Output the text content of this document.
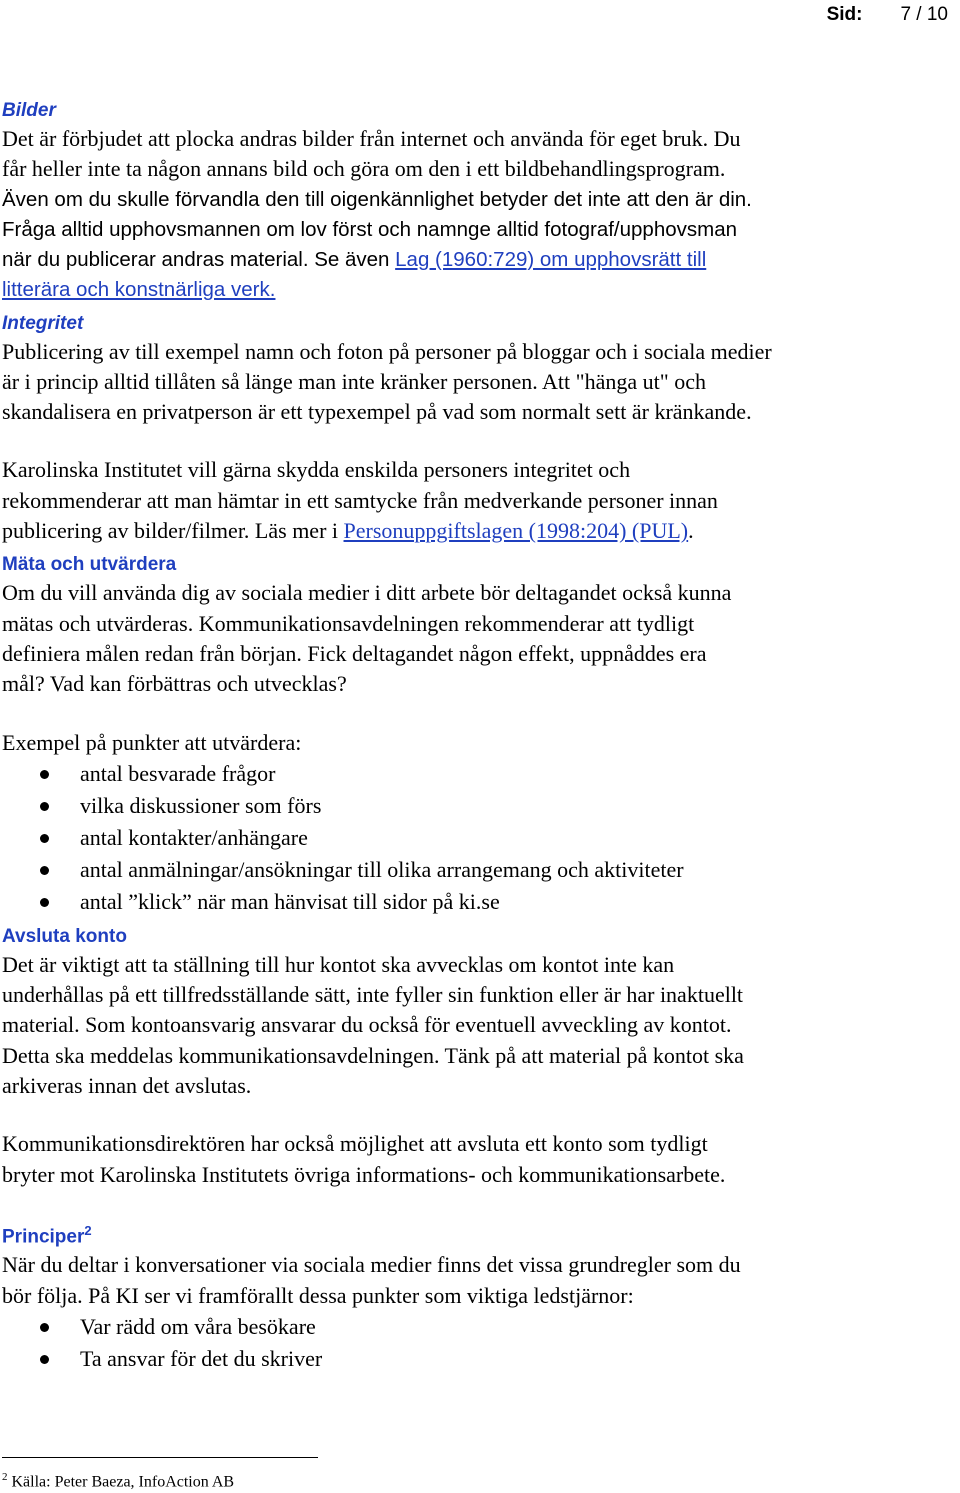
Sid: 7 / 10
Bilder

Det är förbjudet att plocka andras bilder från internet och använda för eget bruk. Du

får heller inte ta någon annans bild och göra om den i ett bildbehandlingsprogram.

Även om du skulle förvandla den till oigenkännlighet betyder det inte att den är din.

Fråga alltid upphovsmannen om lov först och namnge alltid fotograf/upphovsman

när du publicerar andras material. Se även Lag (1960:729) om upphovsrätt till

litterära och konstnärliga verk.

Integritet

Publicering av till exempel namn och foton på personer på bloggar och i sociala medier

är i princip alltid tillåten så länge man inte kränker personen. Att "hänga ut" och

skandalisera en privatperson är ett typexempel på vad som normalt sett är kränkande.

Karolinska Institutet vill gärna skydda enskilda personers integritet och

rekommenderar att man hämtar in ett samtycke från medverkande personer innan

publicering av bilder/filmer. Läs mer i Personuppgiftslagen (1998:204) (PUL).

Mäta och utvärdera

Om du vill använda dig av sociala medier i ditt arbete bör deltagandet också kunna

mätas och utvärderas. Kommunikationsavdelningen rekommenderar att tydligt

definiera målen redan från början. Fick deltagandet någon effekt, uppnåddes era

mål? Vad kan förbättras och utvecklas?

Exempel på punkter att utvärdera:

antal besvarade frågor
vilka diskussioner som förs
antal kontakter/anhängare
antal anmälningar/ansökningar till olika arrangemang och aktiviteter
antal ”klick” när man hänvisat till sidor på ki.se
Avsluta konto

Det är viktigt att ta ställning till hur kontot ska avvecklas om kontot inte kan

underhållas på ett tillfredsställande sätt, inte fyller sin funktion eller är har inaktuellt

material. Som kontoansvarig ansvarar du också för eventuell avveckling av kontot.

Detta ska meddelas kommunikationsavdelningen. Tänk på att material på kontot ska

arkiveras innan det avslutas.

Kommunikationsdirektören har också möjlighet att avsluta ett konto som tydligt

bryter mot Karolinska Institutets övriga informations- och kommunikationsarbete.

Principer$^2$

När du deltar i konversationer via sociala medier finns det vissa grundregler som du

bör följa. På KI ser vi framförallt dessa punkter som viktiga ledstjärnor:

Var rädd om våra besökare
Ta ansvar för det du skriver
$^2$ Källa: Peter Baeza, InfoAction AB
